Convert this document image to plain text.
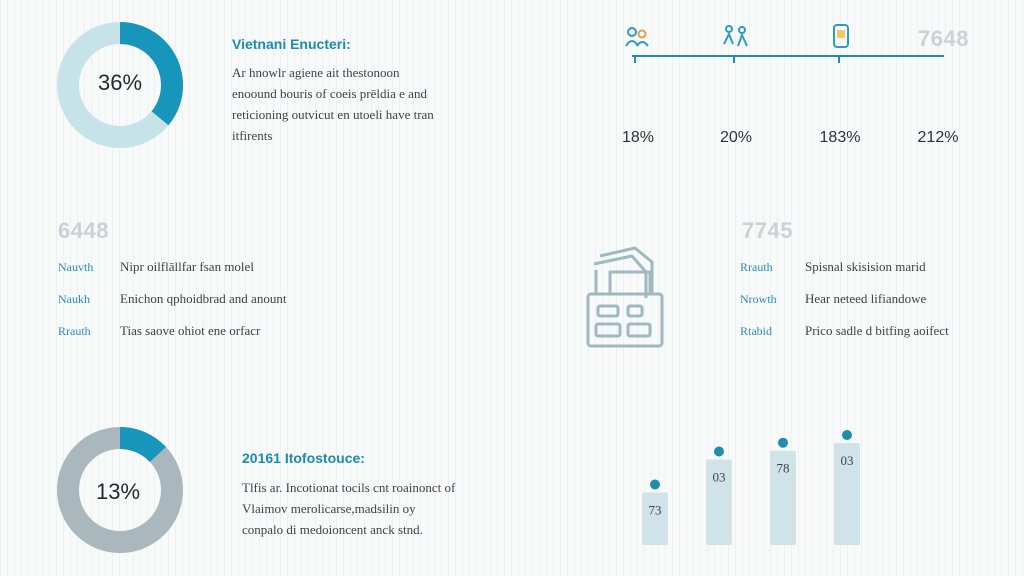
36%
Vietnani Enucteri:
Ar hnowlr agiene ait thestonoon
enoound bouris of coeis prēldia e and
reticioning outvicut en utoeli have tran
itfirents
7648
18%	20%	183%	212%
6448
Nauvth Nipr oilflāllfar fsan molel
Naukh Enichon qphoidbrad and anount
Rrauth Tias saove ohiot ene orfacr
7745
Rrauth Spisnal skisision marid
Nrowth Hear neteed lifiandowe
Rtabid	Prico sadle d bitfing aoifect
13%
20161 Itofostouce:
Tlfis ar. Incotionat tocils cnt roainonct of
Vlaimov merolicarse,madsilin oy
conpalo di medoioncent anck stnd.
73
03
78
03
